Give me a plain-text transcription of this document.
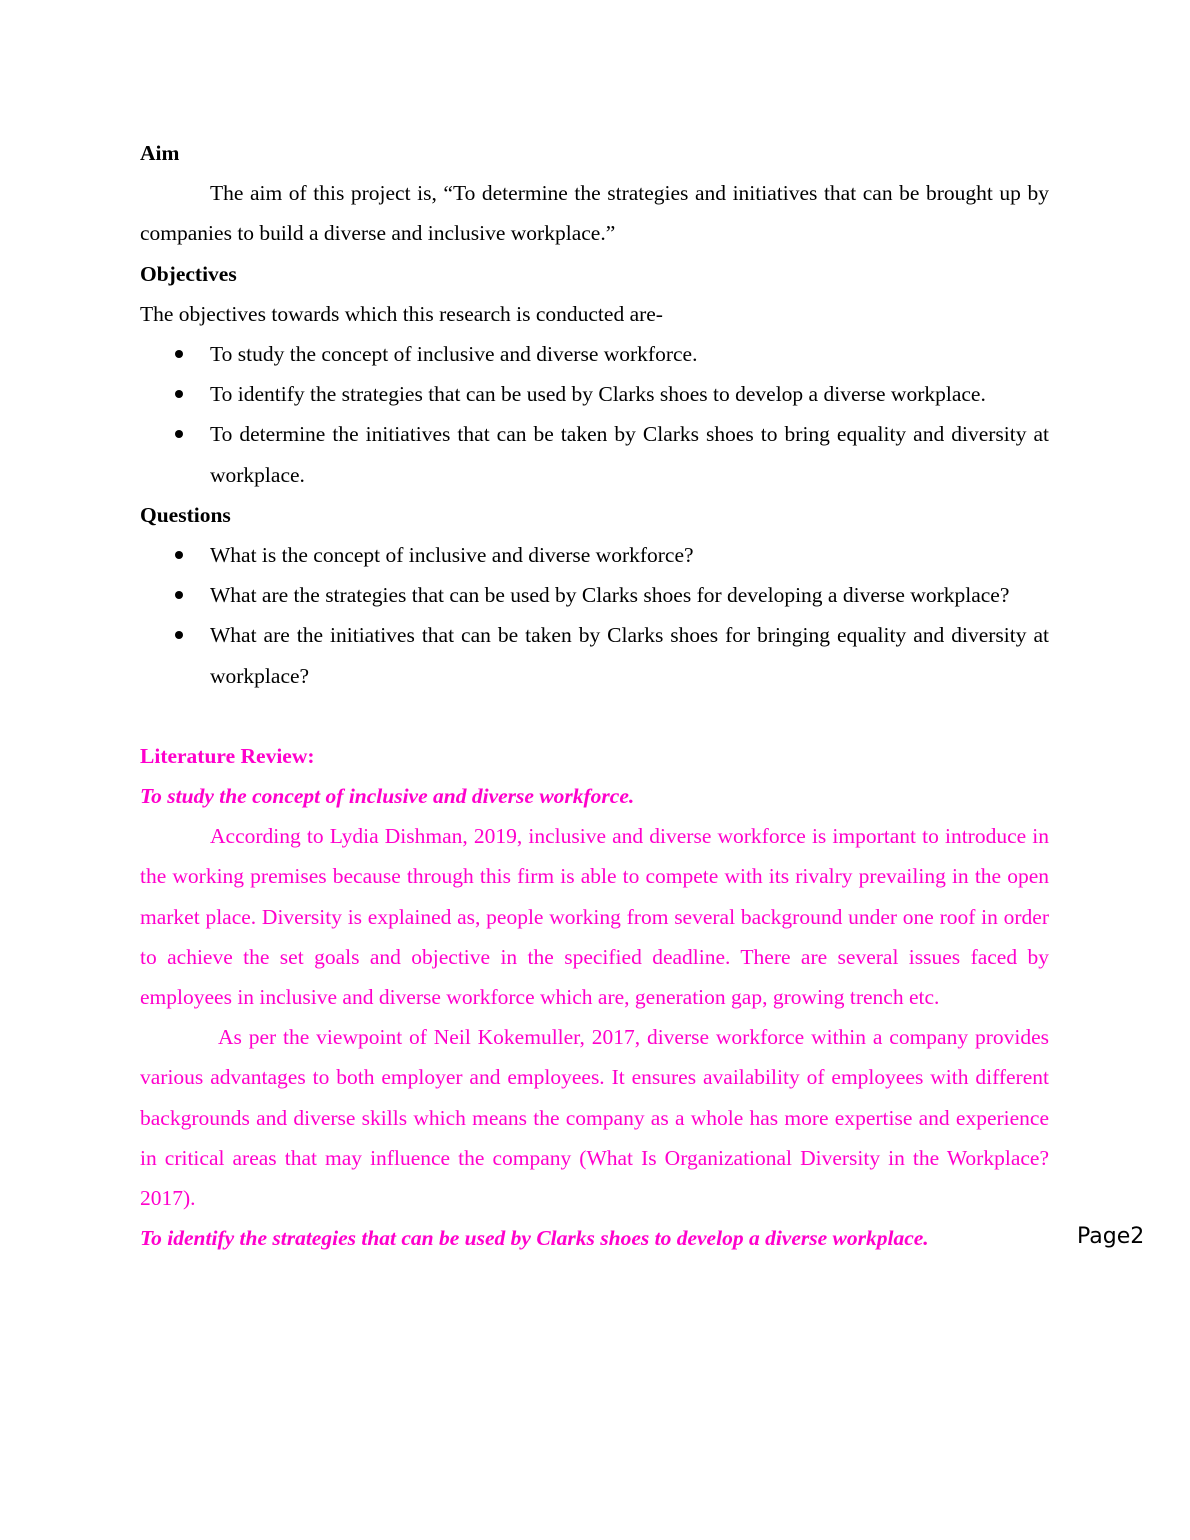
Aim

The aim of this project is, “To determine the strategies and initiatives that can be brought up by companies to build a diverse and inclusive workplace.”

Objectives

The objectives towards which this research is conducted are-

To study the concept of inclusive and diverse workforce.
To identify the strategies that can be used by Clarks shoes to develop a diverse workplace.
To determine the initiatives that can be taken by Clarks shoes to bring equality and diversity at workplace.

Questions

What is the concept of inclusive and diverse workforce?
What are the strategies that can be used by Clarks shoes for developing a diverse workplace?
What are the initiatives that can be taken by Clarks shoes for bringing equality and diversity at workplace?

Literature Review:

To study the concept of inclusive and diverse workforce.

According to Lydia Dishman, 2019, inclusive and diverse workforce is important to introduce in the working premises because through this firm is able to compete with its rivalry prevailing in the open market place. Diversity is explained as, people working from several background under one roof in order to achieve the set goals and objective in the specified deadline. There are several issues faced by employees in inclusive and diverse workforce which are, generation gap, growing trench etc.

As per the viewpoint of Neil Kokemuller, 2017, diverse workforce within a company provides various advantages to both employer and employees. It ensures availability of employees with different backgrounds and diverse skills which means the company as a whole has more expertise and experience in critical areas that may influence the company (What Is Organizational Diversity in the Workplace? 2017).

To identify the strategies that can be used by Clarks shoes to develop a diverse workplace.	Page2
